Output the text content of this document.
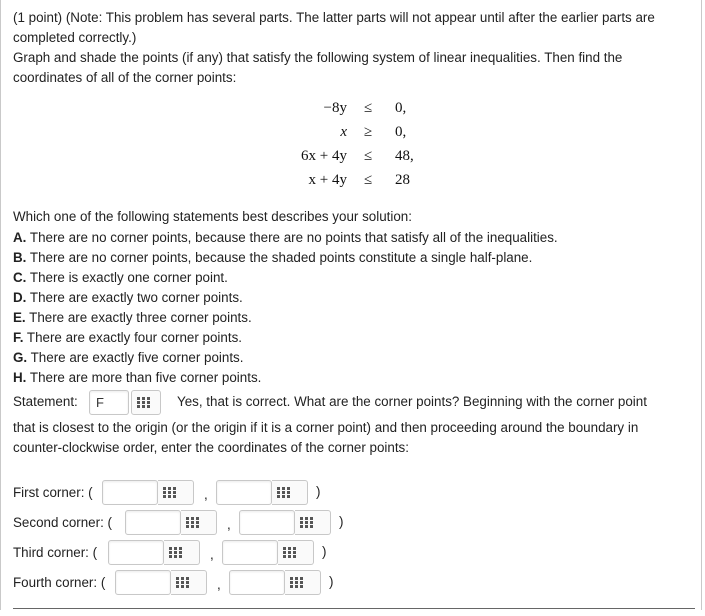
(1 point) (Note: This problem has several parts. The latter parts will not appear until after the earlier parts are
completed correctly.)
Graph and shade the points (if any) that satisfy the following system of linear inequalities. Then find the
coordinates of all of the corner points:
−8y ≤ 0,
x ≥ 0,
6x + 4y ≤ 48,
x + 4y ≤ 28
Which one of the following statements best describes your solution:
A. There are no corner points, because there are no points that satisfy all of the inequalities.
B. There are no corner points, because the shaded points constitute a single half-plane.
C. There is exactly one corner point.
D. There are exactly two corner points.
E. There are exactly three corner points.
F. There are exactly four corner points.
G. There are exactly five corner points.
H. There are more than five corner points.
Statement:	F	Yes, that is correct. What are the corner points? Beginning with the corner point
that is closest to the origin (or the origin if it is a corner point) and then proceeding around the boundary in
counter-clockwise order, enter the coordinates of the corner points:
First corner: (	,	)
Second corner: (	,	)
Third corner: (	,	)
Fourth corner: (	,	)
